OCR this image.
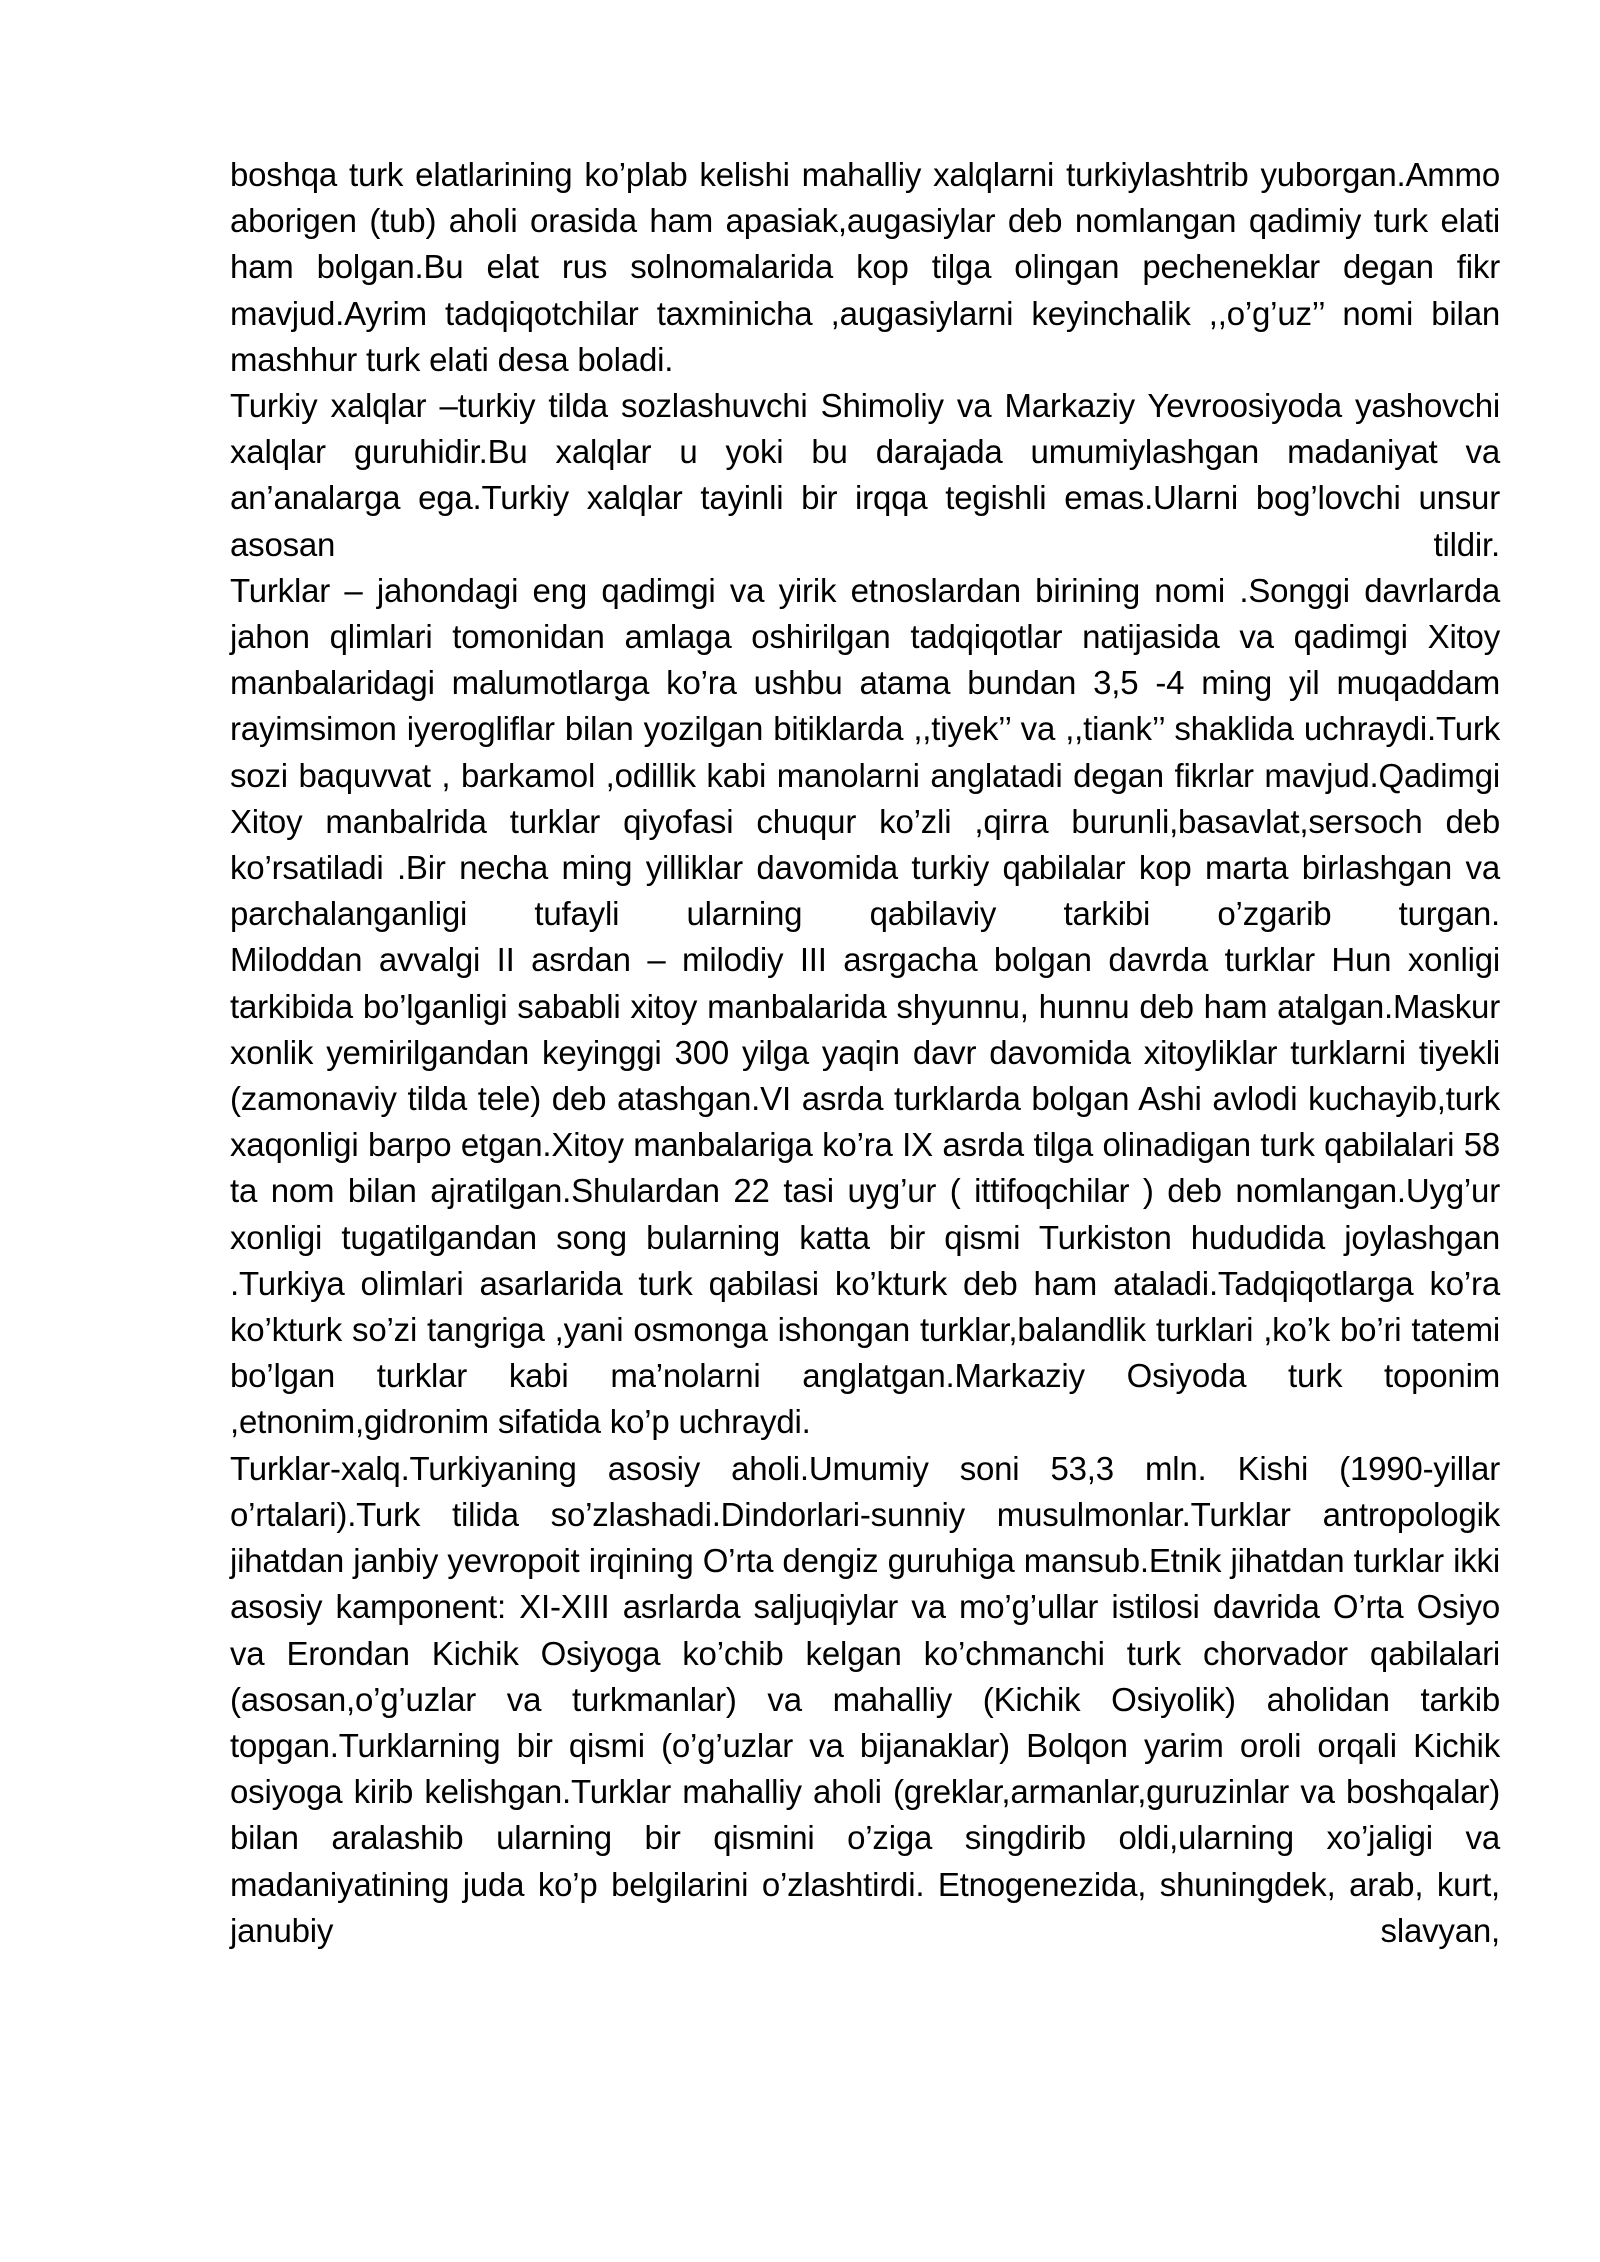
boshqa turk elatlarining ko’plab kelishi mahalliy xalqlarni turkiylashtrib yuborgan.Ammo aborigen (tub) aholi orasida ham apasiak,augasiylar deb nomlangan qadimiy turk elati ham bolgan.Bu elat rus solnomalarida kop tilga olingan pecheneklar degan fikr mavjud.Ayrim tadqiqotchilar taxminicha ,augasiylarni keyinchalik ,,o’g’uz’’ nomi bilan mashhur turk elati desa boladi.

Turkiy xalqlar –turkiy tilda sozlashuvchi Shimoliy va Markaziy Yevroosiyoda yashovchi xalqlar guruhidir.Bu xalqlar u yoki bu darajada umumiylashgan madaniyat va an’analarga ega.Turkiy xalqlar tayinli bir irqqa tegishli emas.Ularni bog’lovchi unsur asosan tildir.

Turklar – jahondagi eng qadimgi va yirik etnoslardan birining nomi .Songgi davrlarda jahon qlimlari tomonidan amlaga oshirilgan tadqiqotlar natijasida va qadimgi Xitoy manbalaridagi malumotlarga ko’ra ushbu atama bundan 3,5 -4 ming yil muqaddam rayimsimon iyerogliflar bilan yozilgan bitiklarda ,,tiyek’’ va ,,tiank’’ shaklida uchraydi.Turk sozi baquvvat , barkamol ,odillik kabi manolarni anglatadi degan fikrlar mavjud.Qadimgi Xitoy manbalrida turklar qiyofasi chuqur ko’zli ,qirra burunli,basavlat,sersoch deb ko’rsatiladi .Bir necha ming yilliklar davomida turkiy qabilalar kop marta birlashgan va parchalanganligi tufayli ularning qabilaviy tarkibi o’zgarib turgan.

Miloddan avvalgi II asrdan – milodiy III asrgacha bolgan davrda turklar Hun xonligi tarkibida bo’lganligi sababli xitoy manbalarida shyunnu, hunnu deb ham atalgan.Maskur xonlik yemirilgandan keyinggi 300 yilga yaqin davr davomida xitoyliklar turklarni tiyekli (zamonaviy tilda tele) deb atashgan.VI asrda turklarda bolgan Ashi avlodi kuchayib,turk xaqonligi barpo etgan.Xitoy manbalariga ko’ra IX asrda tilga olinadigan turk qabilalari 58 ta nom bilan ajratilgan.Shulardan 22 tasi uyg’ur ( ittifoqchilar ) deb nomlangan.Uyg’ur xonligi tugatilgandan song bularning katta bir qismi Turkiston hududida joylashgan .Turkiya olimlari asarlarida turk qabilasi ko’kturk deb ham ataladi.Tadqiqotlarga ko’ra ko’kturk so’zi tangriga ,yani osmonga ishongan turklar,balandlik turklari ,ko’k bo’ri tatemi bo’lgan turklar kabi ma’nolarni anglatgan.Markaziy Osiyoda turk toponim ,etnonim,gidronim sifatida ko’p uchraydi.

Turklar-xalq.Turkiyaning asosiy aholi.Umumiy soni 53,3 mln. Kishi (1990-yillar o’rtalari).Turk tilida so’zlashadi.Dindorlari-sunniy musulmonlar.Turklar antropologik jihatdan janbiy yevropoit irqining O’rta dengiz guruhiga mansub.Etnik jihatdan turklar ikki asosiy kamponent: XI-XIII asrlarda saljuqiylar va mo’g’ullar istilosi davrida O’rta Osiyo va Erondan Kichik Osiyoga ko’chib kelgan ko’chmanchi turk chorvador qabilalari (asosan,o’g’uzlar va turkmanlar) va mahalliy (Kichik Osiyolik) aholidan tarkib topgan.Turklarning bir qismi (o’g’uzlar va bijanaklar) Bolqon yarim oroli orqali Kichik osiyoga kirib kelishgan.Turklar mahalliy aholi (greklar,armanlar,guruzinlar va boshqalar) bilan aralashib ularning bir qismini o’ziga singdirib oldi,ularning xo’jaligi va madaniyatining juda ko’p belgilarini o’zlashtirdi. Etnogenezida, shuningdek, arab, kurt, janubiy slavyan,
